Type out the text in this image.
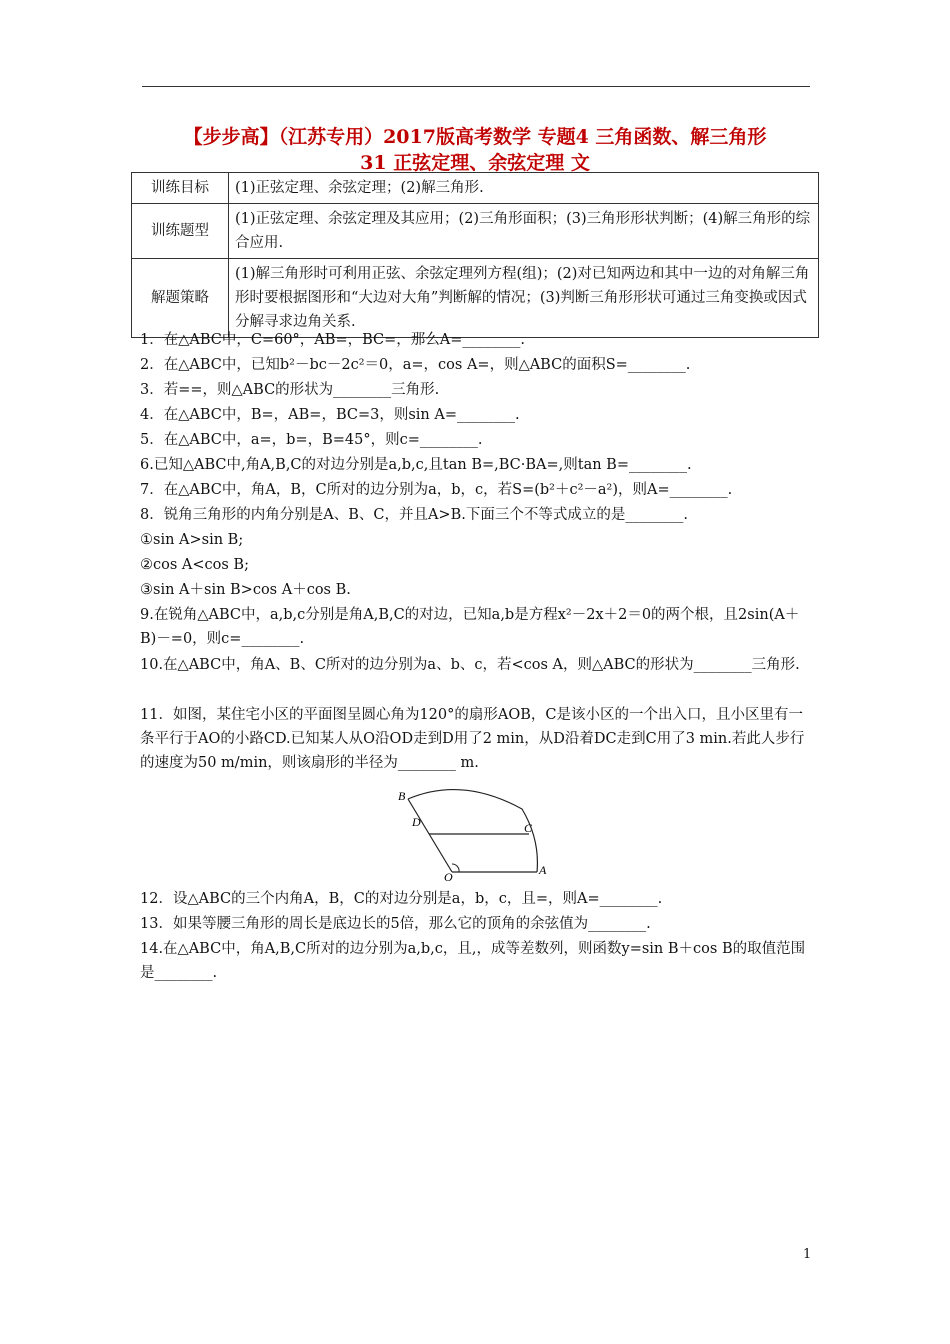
【步步高】（江苏专用）2017版高考数学 专题4 三角函数、解三角形
31 正弦定理、余弦定理 文
训练目标	(1)正弦定理、余弦定理；(2)解三角形.
训练题型	(1)正弦定理、余弦定理及其应用；(2)三角形面积；(3)三角形形状判断；(4)解三角形的综合应用.
解题策略	(1)解三角形时可利用正弦、余弦定理列方程(组)；(2)对已知两边和其中一边的对角解三角形时要根据图形和“大边对大角”判断解的情况；(3)判断三角形形状可通过三角变换或因式分解寻求边角关系.
1．在△ABC中，C=60°，AB=，BC=，那么A=________.
2．在△ABC中，已知b²－bc－2c²＝0，a=，cos A=，则△ABC的面积S=________.
3．若==，则△ABC的形状为________三角形.
4．在△ABC中，B=，AB=，BC=3，则sin A=________.
5．在△ABC中，a=，b=，B=45°，则c=________.
6.已知△ABC中,角A,B,C的对边分别是a,b,c,且tan B=,BC·BA=,则tan B=________.
7．在△ABC中，角A，B，C所对的边分别为a，b，c，若S=(b²＋c²－a²)，则A=________.
8．锐角三角形的内角分别是A、B、C，并且A>B.下面三个不等式成立的是________.
①sin A>sin B;
②cos A<cos B;
③sin A＋sin B>cos A＋cos B.
9.在锐角△ABC中，a,b,c分别是角A,B,C的对边，已知a,b是方程x²－2x＋2＝0的两个根，且2sin(A＋B)－=0，则c=________.
10.在△ABC中，角A、B、C所对的边分别为a、b、c，若<cos A，则△ABC的形状为________三角形.
11．如图，某住宅小区的平面图呈圆心角为120°的扇形AOB，C是该小区的一个出入口，且小区里有一条平行于AO的小路CD.已知某人从O沿OD走到D用了2 min，从D沿着DC走到C用了3 min.若此人步行的速度为50 m/min，则该扇形的半径为________ m.
B
C
D
O	A
12．设△ABC的三个内角A，B，C的对边分别是a，b，c，且=，则A=________.
13．如果等腰三角形的周长是底边长的5倍，那么它的顶角的余弦值为________.
14.在△ABC中，角A,B,C所对的边分别为a,b,c，且,，成等差数列，则函数y=sin B＋cos B的取值范围是________.
1
